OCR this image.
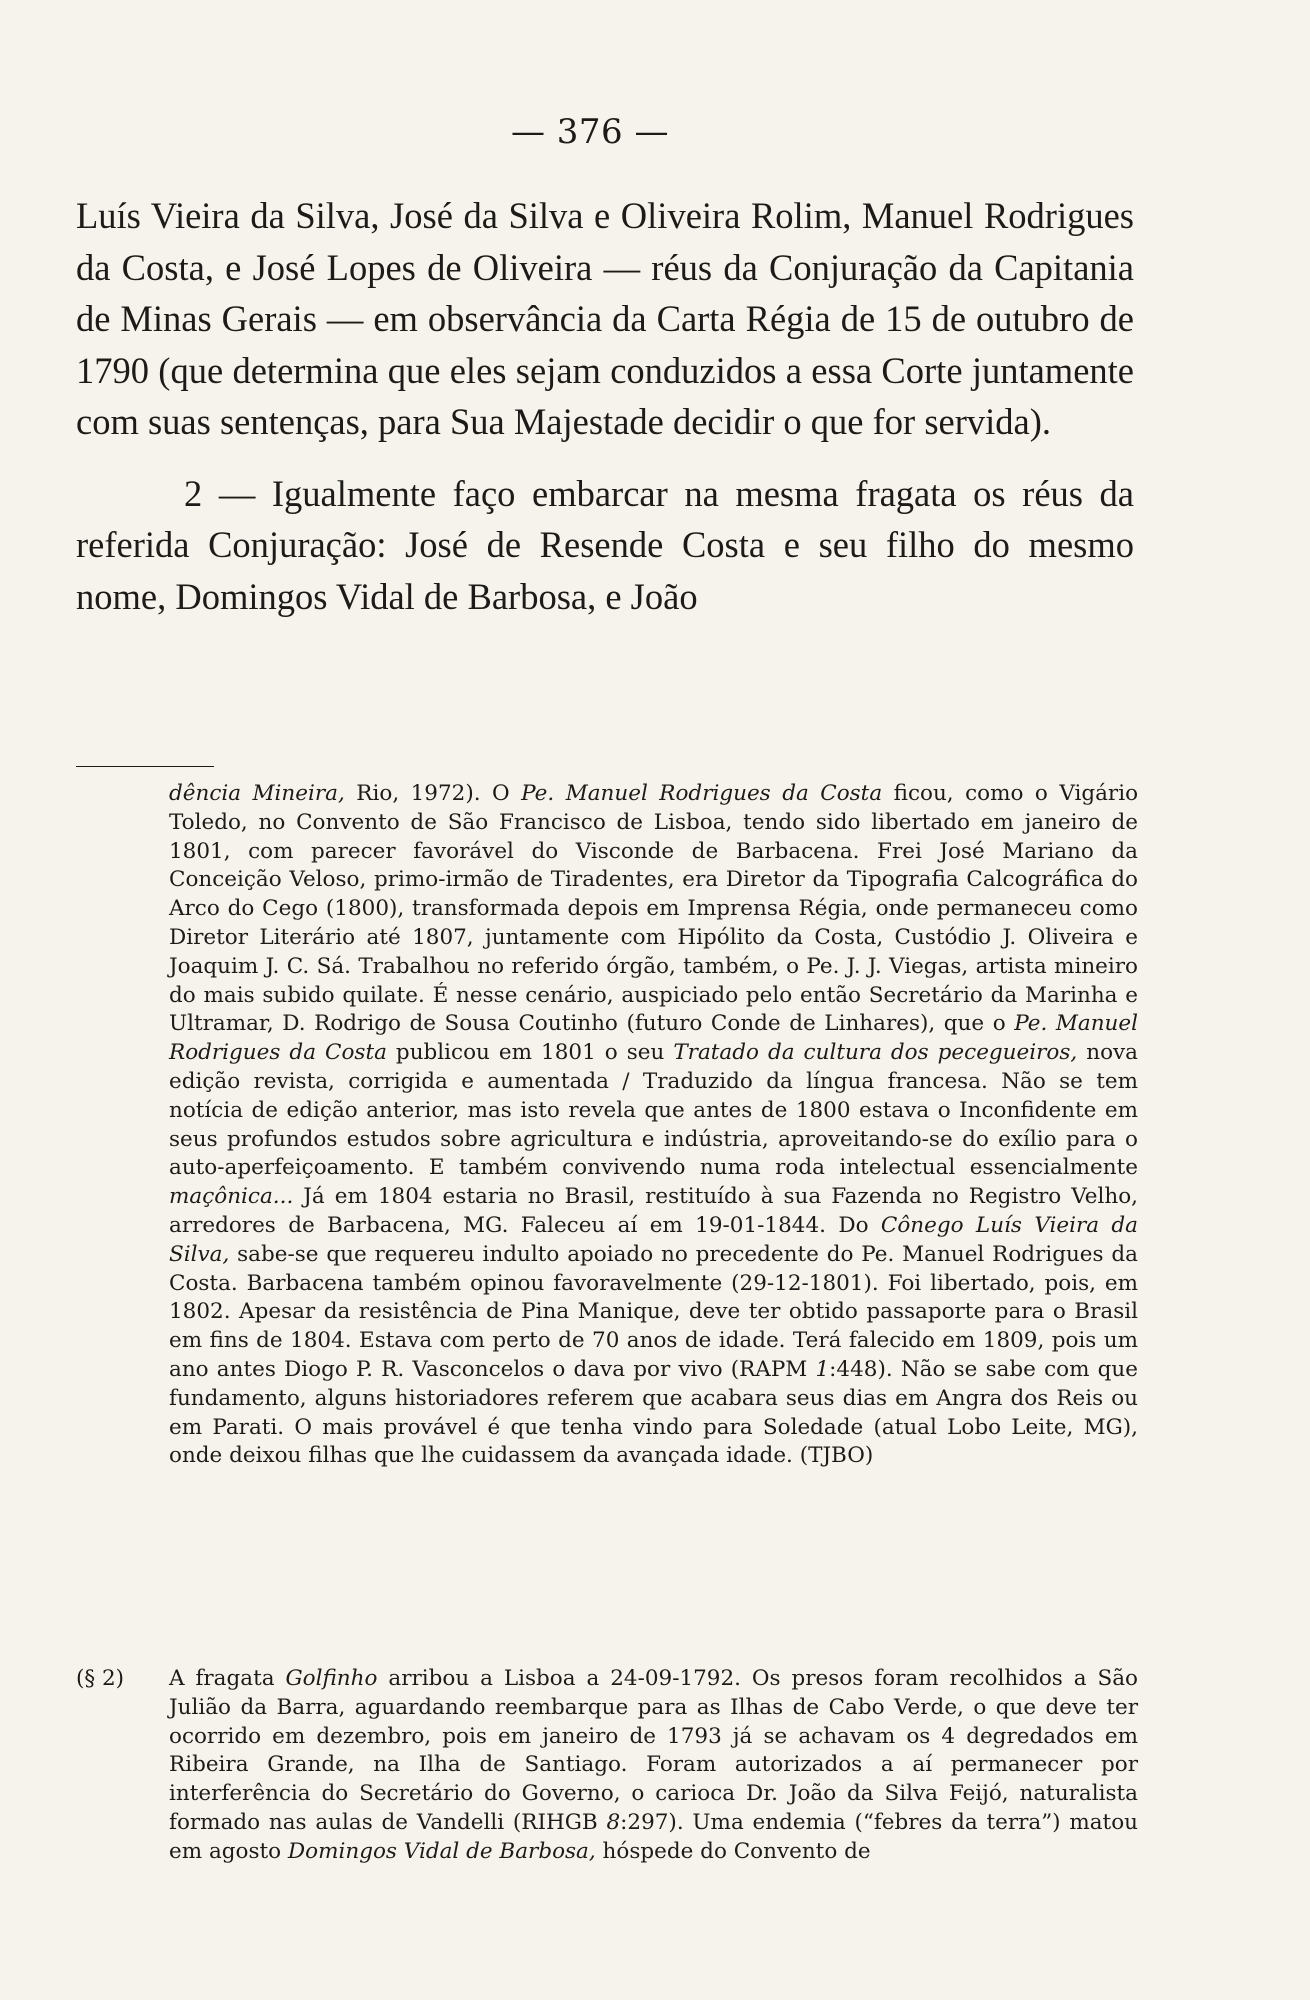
— 376 —

Luís Vieira da Silva, José da Silva e Oliveira Rolim, Manuel Rodrigues da Costa, e José Lopes de Oliveira — réus da Conjuração da Capitania de Minas Gerais — em observância da Carta Régia de 15 de outubro de 1790 (que determina que eles sejam conduzidos a essa Corte juntamente com suas sentenças, para Sua Majestade decidir o que for servida).

2 — Igualmente faço embarcar na mesma fragata os réus da referida Conjuração: José de Resende Costa e seu filho do mesmo nome, Domingos Vidal de Barbosa, e João

dência Mineira, Rio, 1972). O Pe. Manuel Rodrigues da Costa ficou, como o Vigário Toledo, no Convento de São Francisco de Lisboa, tendo sido libertado em janeiro de 1801, com parecer favorável do Visconde de Barbacena. Frei José Mariano da Conceição Veloso, primo-irmão de Tiradentes, era Diretor da Tipografia Calcográfica do Arco do Cego (1800), transformada depois em Imprensa Régia, onde permaneceu como Diretor Literário até 1807, juntamente com Hipólito da Costa, Custódio J. Oliveira e Joaquim J. C. Sá. Trabalhou no referido órgão, também, o Pe. J. J. Viegas, artista mineiro do mais subido quilate. É nesse cenário, auspiciado pelo então Secretário da Marinha e Ultramar, D. Rodrigo de Sousa Coutinho (futuro Conde de Linhares), que o Pe. Manuel Rodrigues da Costa publicou em 1801 o seu Tratado da cultura dos pecegueiros, nova edição revista, corrigida e aumentada / Traduzido da língua francesa. Não se tem notícia de edição anterior, mas isto revela que antes de 1800 estava o Inconfidente em seus profundos estudos sobre agricultura e indústria, aproveitando-se do exílio para o auto-aperfeiçoamento. E também convivendo numa roda intelectual essencialmente maçônica... Já em 1804 estaria no Brasil, restituído à sua Fazenda no Registro Velho, arredores de Barbacena, MG. Faleceu aí em 19-01-1844. Do Cônego Luís Vieira da Silva, sabe-se que requereu indulto apoiado no precedente do Pe. Manuel Rodrigues da Costa. Barbacena também opinou favoravelmente (29-12-1801). Foi libertado, pois, em 1802. Apesar da resistência de Pina Manique, deve ter obtido passaporte para o Brasil em fins de 1804. Estava com perto de 70 anos de idade. Terá falecido em 1809, pois um ano antes Diogo P. R. Vasconcelos o dava por vivo (RAPM 1:448). Não se sabe com que fundamento, alguns historiadores referem que acabara seus dias em Angra dos Reis ou em Parati. O mais provável é que tenha vindo para Soledade (atual Lobo Leite, MG), onde deixou filhas que lhe cuidassem da avançada idade. (TJBO)
(§ 2) A fragata Golfinho arribou a Lisboa a 24-09-1792. Os presos foram recolhidos a São Julião da Barra, aguardando reembarque para as Ilhas de Cabo Verde, o que deve ter ocorrido em dezembro, pois em janeiro de 1793 já se achavam os 4 degredados em Ribeira Grande, na Ilha de Santiago. Foram autorizados a aí permanecer por interferência do Secretário do Governo, o carioca Dr. João da Silva Feijó, naturalista formado nas aulas de Vandelli (RIHGB 8:297). Uma endemia (“febres da terra”) matou em agosto Domingos Vidal de Barbosa, hóspede do Convento de
